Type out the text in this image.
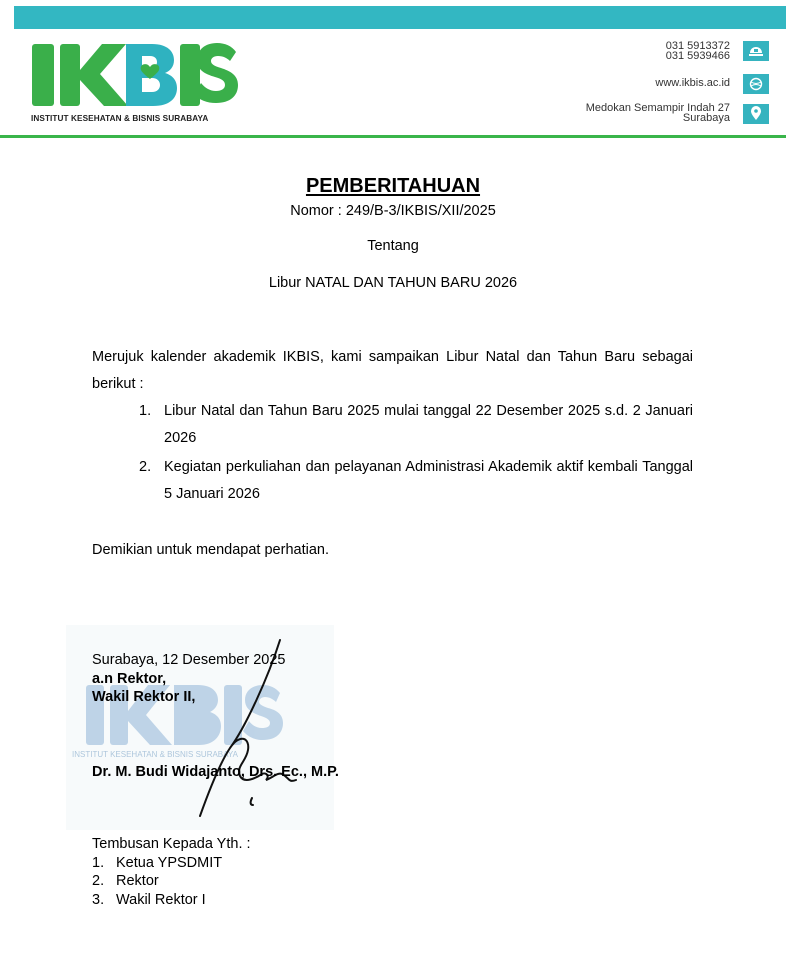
INSTITUT KESEHATAN & BISNIS SURABAYA
031 5913372
031 5939466
www.ikbis.ac.id
Medokan Semampir Indah 27
Surabaya
PEMBERITAHUAN
Nomor : 249/B-3/IKBIS/XII/2025
Tentang
Libur NATAL DAN TAHUN BARU 2026
Merujuk kalender akademik IKBIS, kami sampaikan Libur Natal dan Tahun Baru sebagai berikut :
1. Libur Natal dan Tahun Baru 2025 mulai tanggal 22 Desember 2025 s.d. 2 Januari 2026
2. Kegiatan perkuliahan dan pelayanan Administrasi Akademik aktif kembali Tanggal 5 Januari 2026
Demikian untuk mendapat perhatian.
INSTITUT KESEHATAN & BISNIS SURABAYA
Surabaya, 12 Desember 2025
a.n Rektor,
Wakil Rektor II,
Dr. M. Budi Widajanto, Drs. Ec., M.P.
Tembusan Kepada Yth. :
1. Ketua YPSDMIT
2. Rektor
3. Wakil Rektor I
